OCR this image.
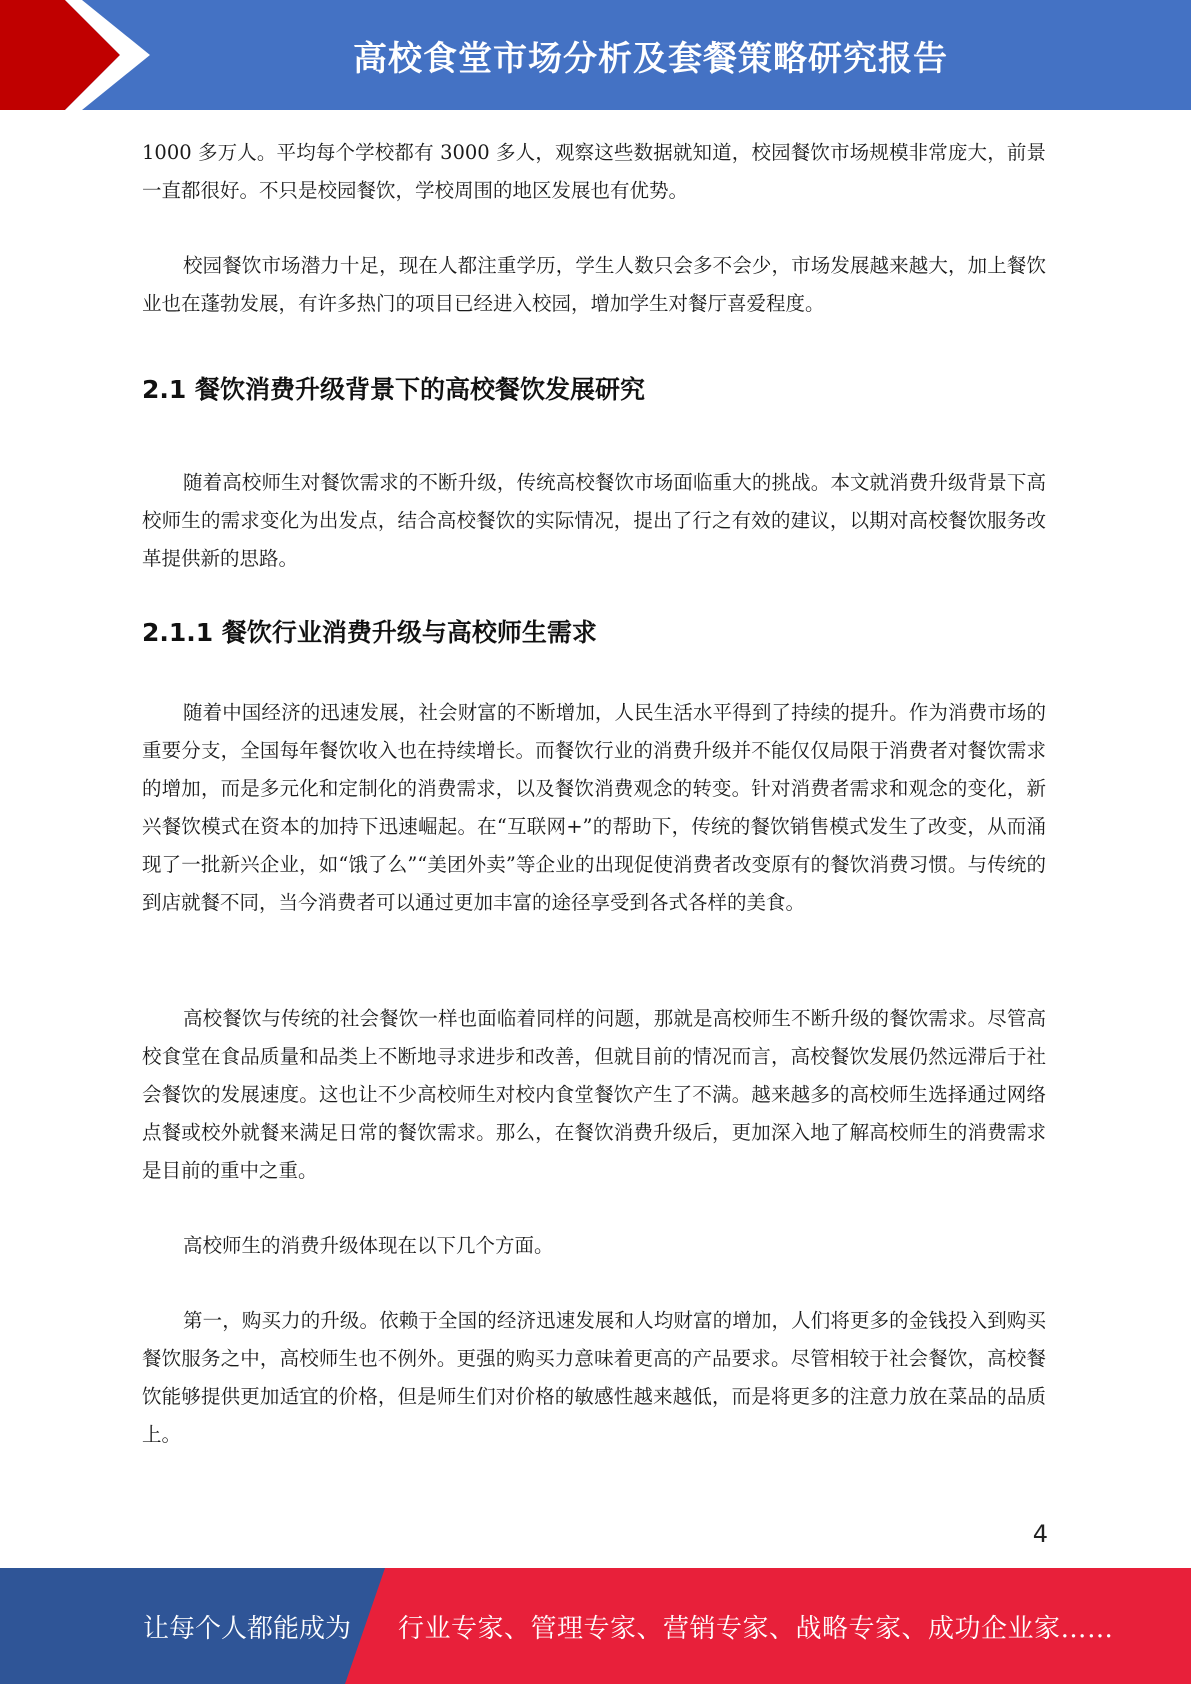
高校食堂市场分析及套餐策略研究报告

1000 多万人。平均每个学校都有 3000 多人，观察这些数据就知道，校园餐饮市场规模非常庞大，前景一直都很好。不只是校园餐饮，学校周围的地区发展也有优势。

校园餐饮市场潜力十足，现在人都注重学历，学生人数只会多不会少，市场发展越来越大，加上餐饮业也在蓬勃发展，有许多热门的项目已经进入校园，增加学生对餐厅喜爱程度。

2.1 餐饮消费升级背景下的高校餐饮发展研究

随着高校师生对餐饮需求的不断升级，传统高校餐饮市场面临重大的挑战。本文就消费升级背景下高校师生的需求变化为出发点，结合高校餐饮的实际情况，提出了行之有效的建议，以期对高校餐饮服务改革提供新的思路。

2.1.1 餐饮行业消费升级与高校师生需求

随着中国经济的迅速发展，社会财富的不断增加，人民生活水平得到了持续的提升。作为消费市场的重要分支，全国每年餐饮收入也在持续增长。而餐饮行业的消费升级并不能仅仅局限于消费者对餐饮需求的增加，而是多元化和定制化的消费需求，以及餐饮消费观念的转变。针对消费者需求和观念的变化，新兴餐饮模式在资本的加持下迅速崛起。在“互联网+”的帮助下，传统的餐饮销售模式发生了改变，从而涌现了一批新兴企业，如“饿了么”“美团外卖”等企业的出现促使消费者改变原有的餐饮消费习惯。与传统的到店就餐不同，当今消费者可以通过更加丰富的途径享受到各式各样的美食。

高校餐饮与传统的社会餐饮一样也面临着同样的问题，那就是高校师生不断升级的餐饮需求。尽管高校食堂在食品质量和品类上不断地寻求进步和改善，但就目前的情况而言，高校餐饮发展仍然远滞后于社会餐饮的发展速度。这也让不少高校师生对校内食堂餐饮产生了不满。越来越多的高校师生选择通过网络点餐或校外就餐来满足日常的餐饮需求。那么，在餐饮消费升级后，更加深入地了解高校师生的消费需求是目前的重中之重。

高校师生的消费升级体现在以下几个方面。

第一，购买力的升级。依赖于全国的经济迅速发展和人均财富的增加，人们将更多的金钱投入到购买餐饮服务之中，高校师生也不例外。更强的购买力意味着更高的产品要求。尽管相较于社会餐饮，高校餐饮能够提供更加适宜的价格，但是师生们对价格的敏感性越来越低，而是将更多的注意力放在菜品的品质上。

4
让每个人都能成为 行业专家、管理专家、营销专家、战略专家、成功企业家……
